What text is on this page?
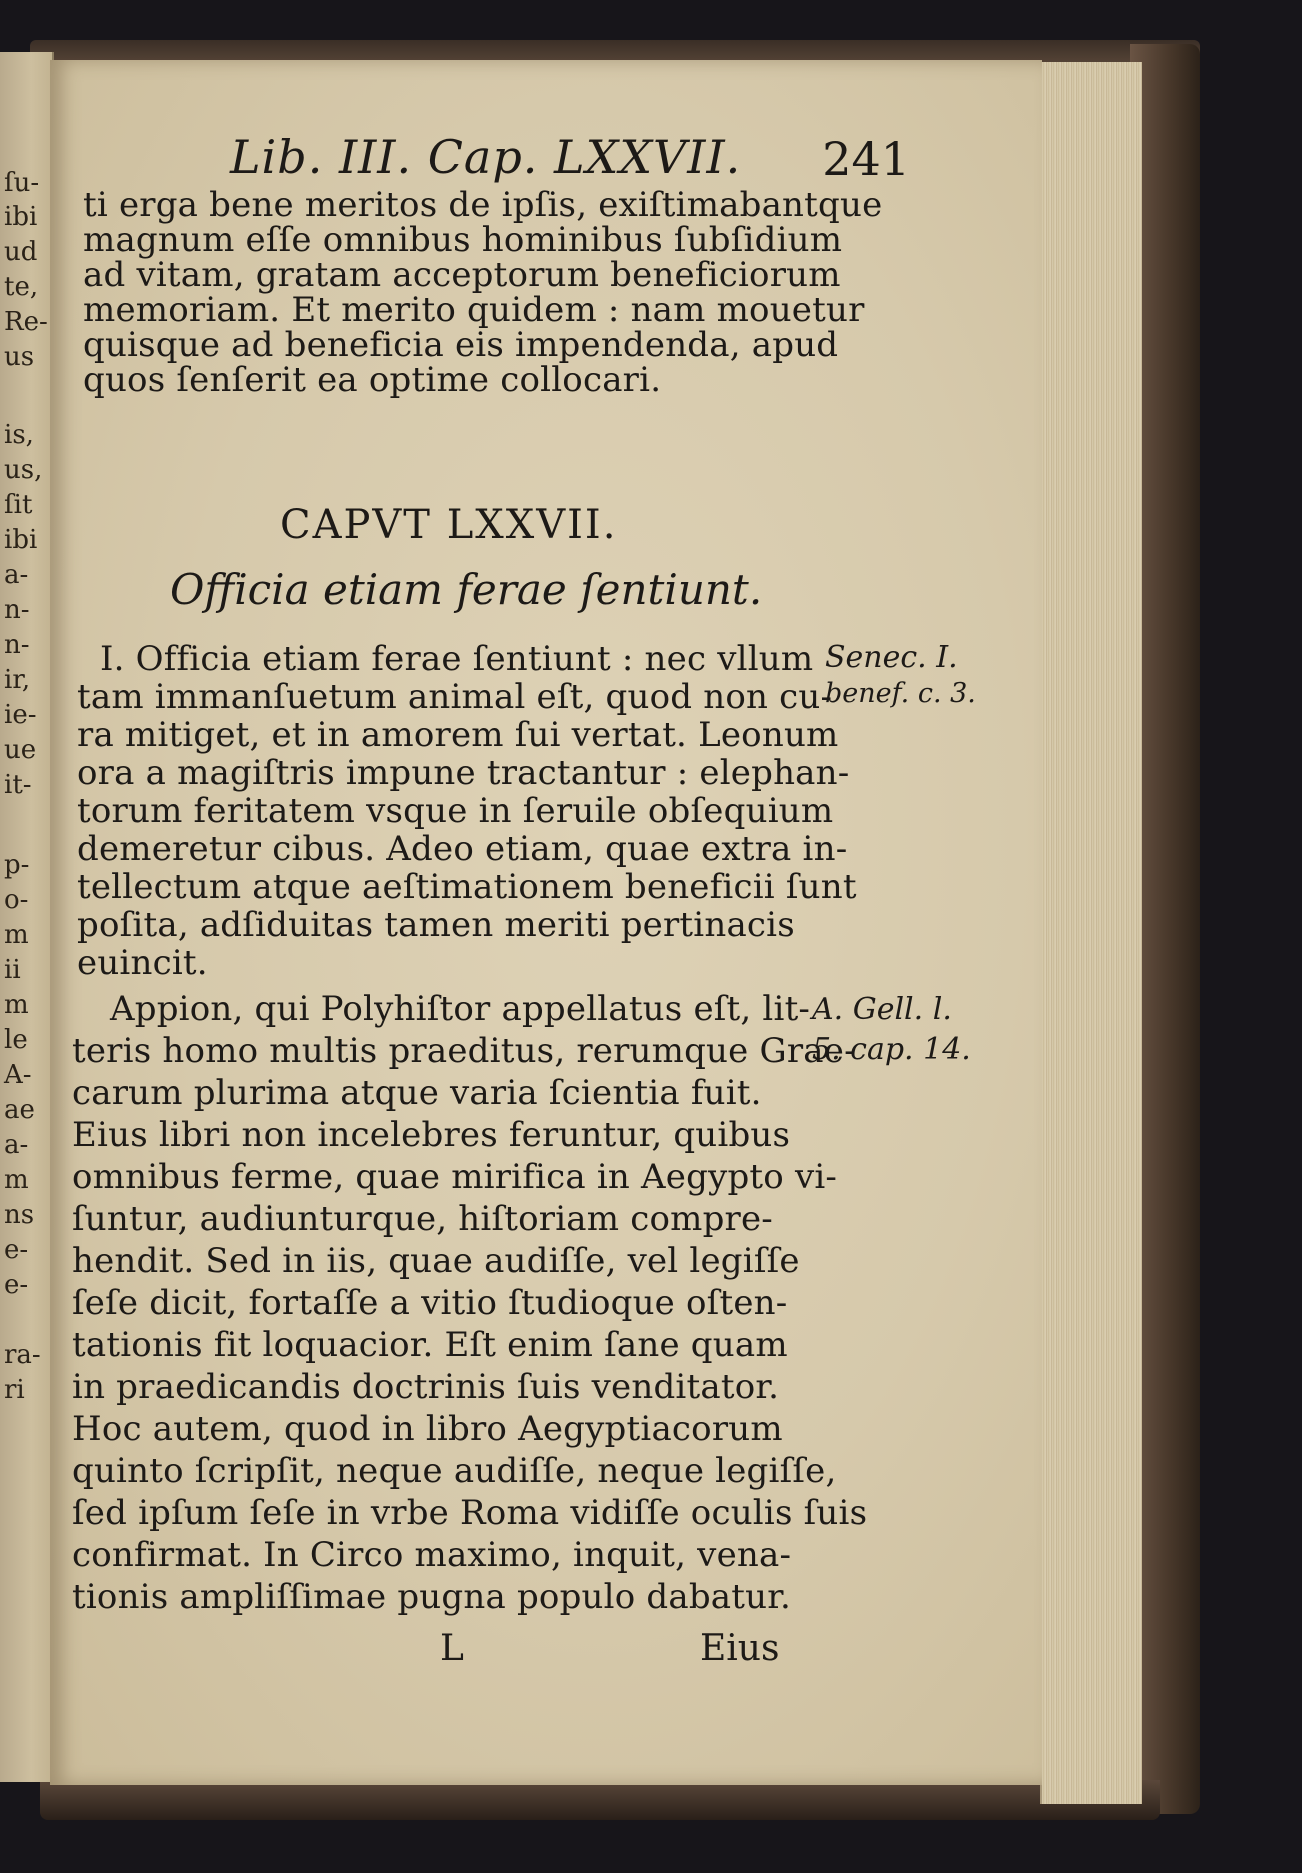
ſu-
ibi
ud
te,
Re-
us
is,
us,
ſit
ibi
a-
n-
n-
ir,
ie-
ue
it-
p-
o-
m
ii
m
le
A-
ae
a-
m
ns
e-
e-
ra-
ri
Lib. III. Cap. LXXVII. 241
ti erga bene meritos de ipſis, exiſtimabantque
magnum eſſe omnibus hominibus ſubſidium
ad vitam, gratam acceptorum beneficiorum
memoriam. Et merito quidem : nam mouetur
quisque ad beneficia eis impendenda, apud
quos ſenſerit ea optime collocari.
CAPVT LXXVII.
Officia etiam ferae ſentiunt.
I. Officia etiam ferae ſentiunt : nec vllum
tam immanſuetum animal eſt, quod non cu-
ra mitiget, et in amorem ſui vertat. Leonum
ora a magiſtris impune tractantur : elephan-
torum feritatem vsque in ſeruile obſequium
demeretur cibus. Adeo etiam, quae extra in-
tellectum atque aeſtimationem beneficii ſunt
poſita, adſiduitas tamen meriti pertinacis
euincit.
Appion, qui Polyhiſtor appellatus eſt, lit-
teris homo multis praeditus, rerumque Grae-
carum plurima atque varia ſcientia fuit.
Eius libri non incelebres feruntur, quibus
omnibus ferme, quae mirifica in Aegypto vi-
ſuntur, audiunturque, hiſtoriam compre-
hendit. Sed in iis, quae audiſſe, vel legiſſe
ſeſe dicit, fortaſſe a vitio ſtudioque oſten-
tationis fit loquacior. Eſt enim ſane quam
in praedicandis doctrinis ſuis venditator.
Hoc autem, quod in libro Aegyptiacorum
quinto ſcripſit, neque audiſſe, neque legiſſe,
ſed ipſum ſeſe in vrbe Roma vidiſſe oculis ſuis
confirmat. In Circo maximo, inquit, vena-
tionis ampliſſimae pugna populo dabatur.
L	Eius
Senec. I.
benef. c. 3.
A. Gell. l.
5. cap. 14.
